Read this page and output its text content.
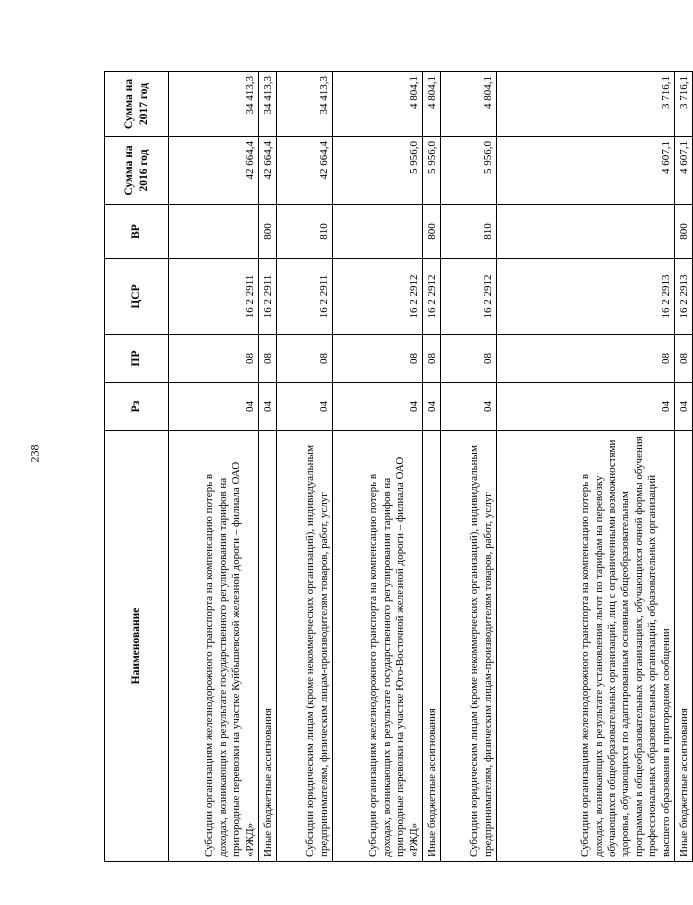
238
Наименование	Рз	ПР	ЦСР	ВР	Сумма на 2016 год	Сумма на 2017 год
Субсидии организациям железнодорожного транспорта на компенсацию потерь в доходах, возникающих в результате государственного регулирования тарифов на пригородные перевозки на участке Куйбышевской железной дороги – филиала ОАО «РЖД»	04	08	16 2 2911		42 664,4	34 413,3
Иные бюджетные ассигнования	04	08	16 2 2911	800	42 664,4	34 413,3
Субсидии юридическим лицам (кроме некоммерческих организаций), индивидуальным предпринимателям, физическим лицам-производителям товаров, работ, услуг	04	08	16 2 2911	810	42 664,4	34 413,3
Субсидии организациям железнодорожного транспорта на компенсацию потерь в доходах, возникающих в результате государственного регулирования тарифов на пригородные перевозки на участке Юго-Восточной железной дороги – филиала ОАО «РЖД»	04	08	16 2 2912		5 956,0	4 804,1
Иные бюджетные ассигнования	04	08	16 2 2912	800	5 956,0	4 804,1
Субсидии юридическим лицам (кроме некоммерческих организаций), индивидуальным предпринимателям, физическим лицам-производителям товаров, работ, услуг	04	08	16 2 2912	810	5 956,0	4 804,1
Субсидии организациям железнодорожного транспорта на компенсацию потерь в доходах, возникающих в результате установления льгот по тарифам на перевозку обучающихся общеобразовательных организаций, лиц с ограниченными возможностями здоровья, обучающихся по адаптированным основным общеобразовательным программам в общеобразовательных организациях, обучающихся очной формы обучения профессиональных образовательных организаций, образовательных организаций высшего образования в пригородном сообщении	04	08	16 2 2913		4 607,1	3 716,1
Иные бюджетные ассигнования	04	08	16 2 2913	800	4 607,1	3 716,1
